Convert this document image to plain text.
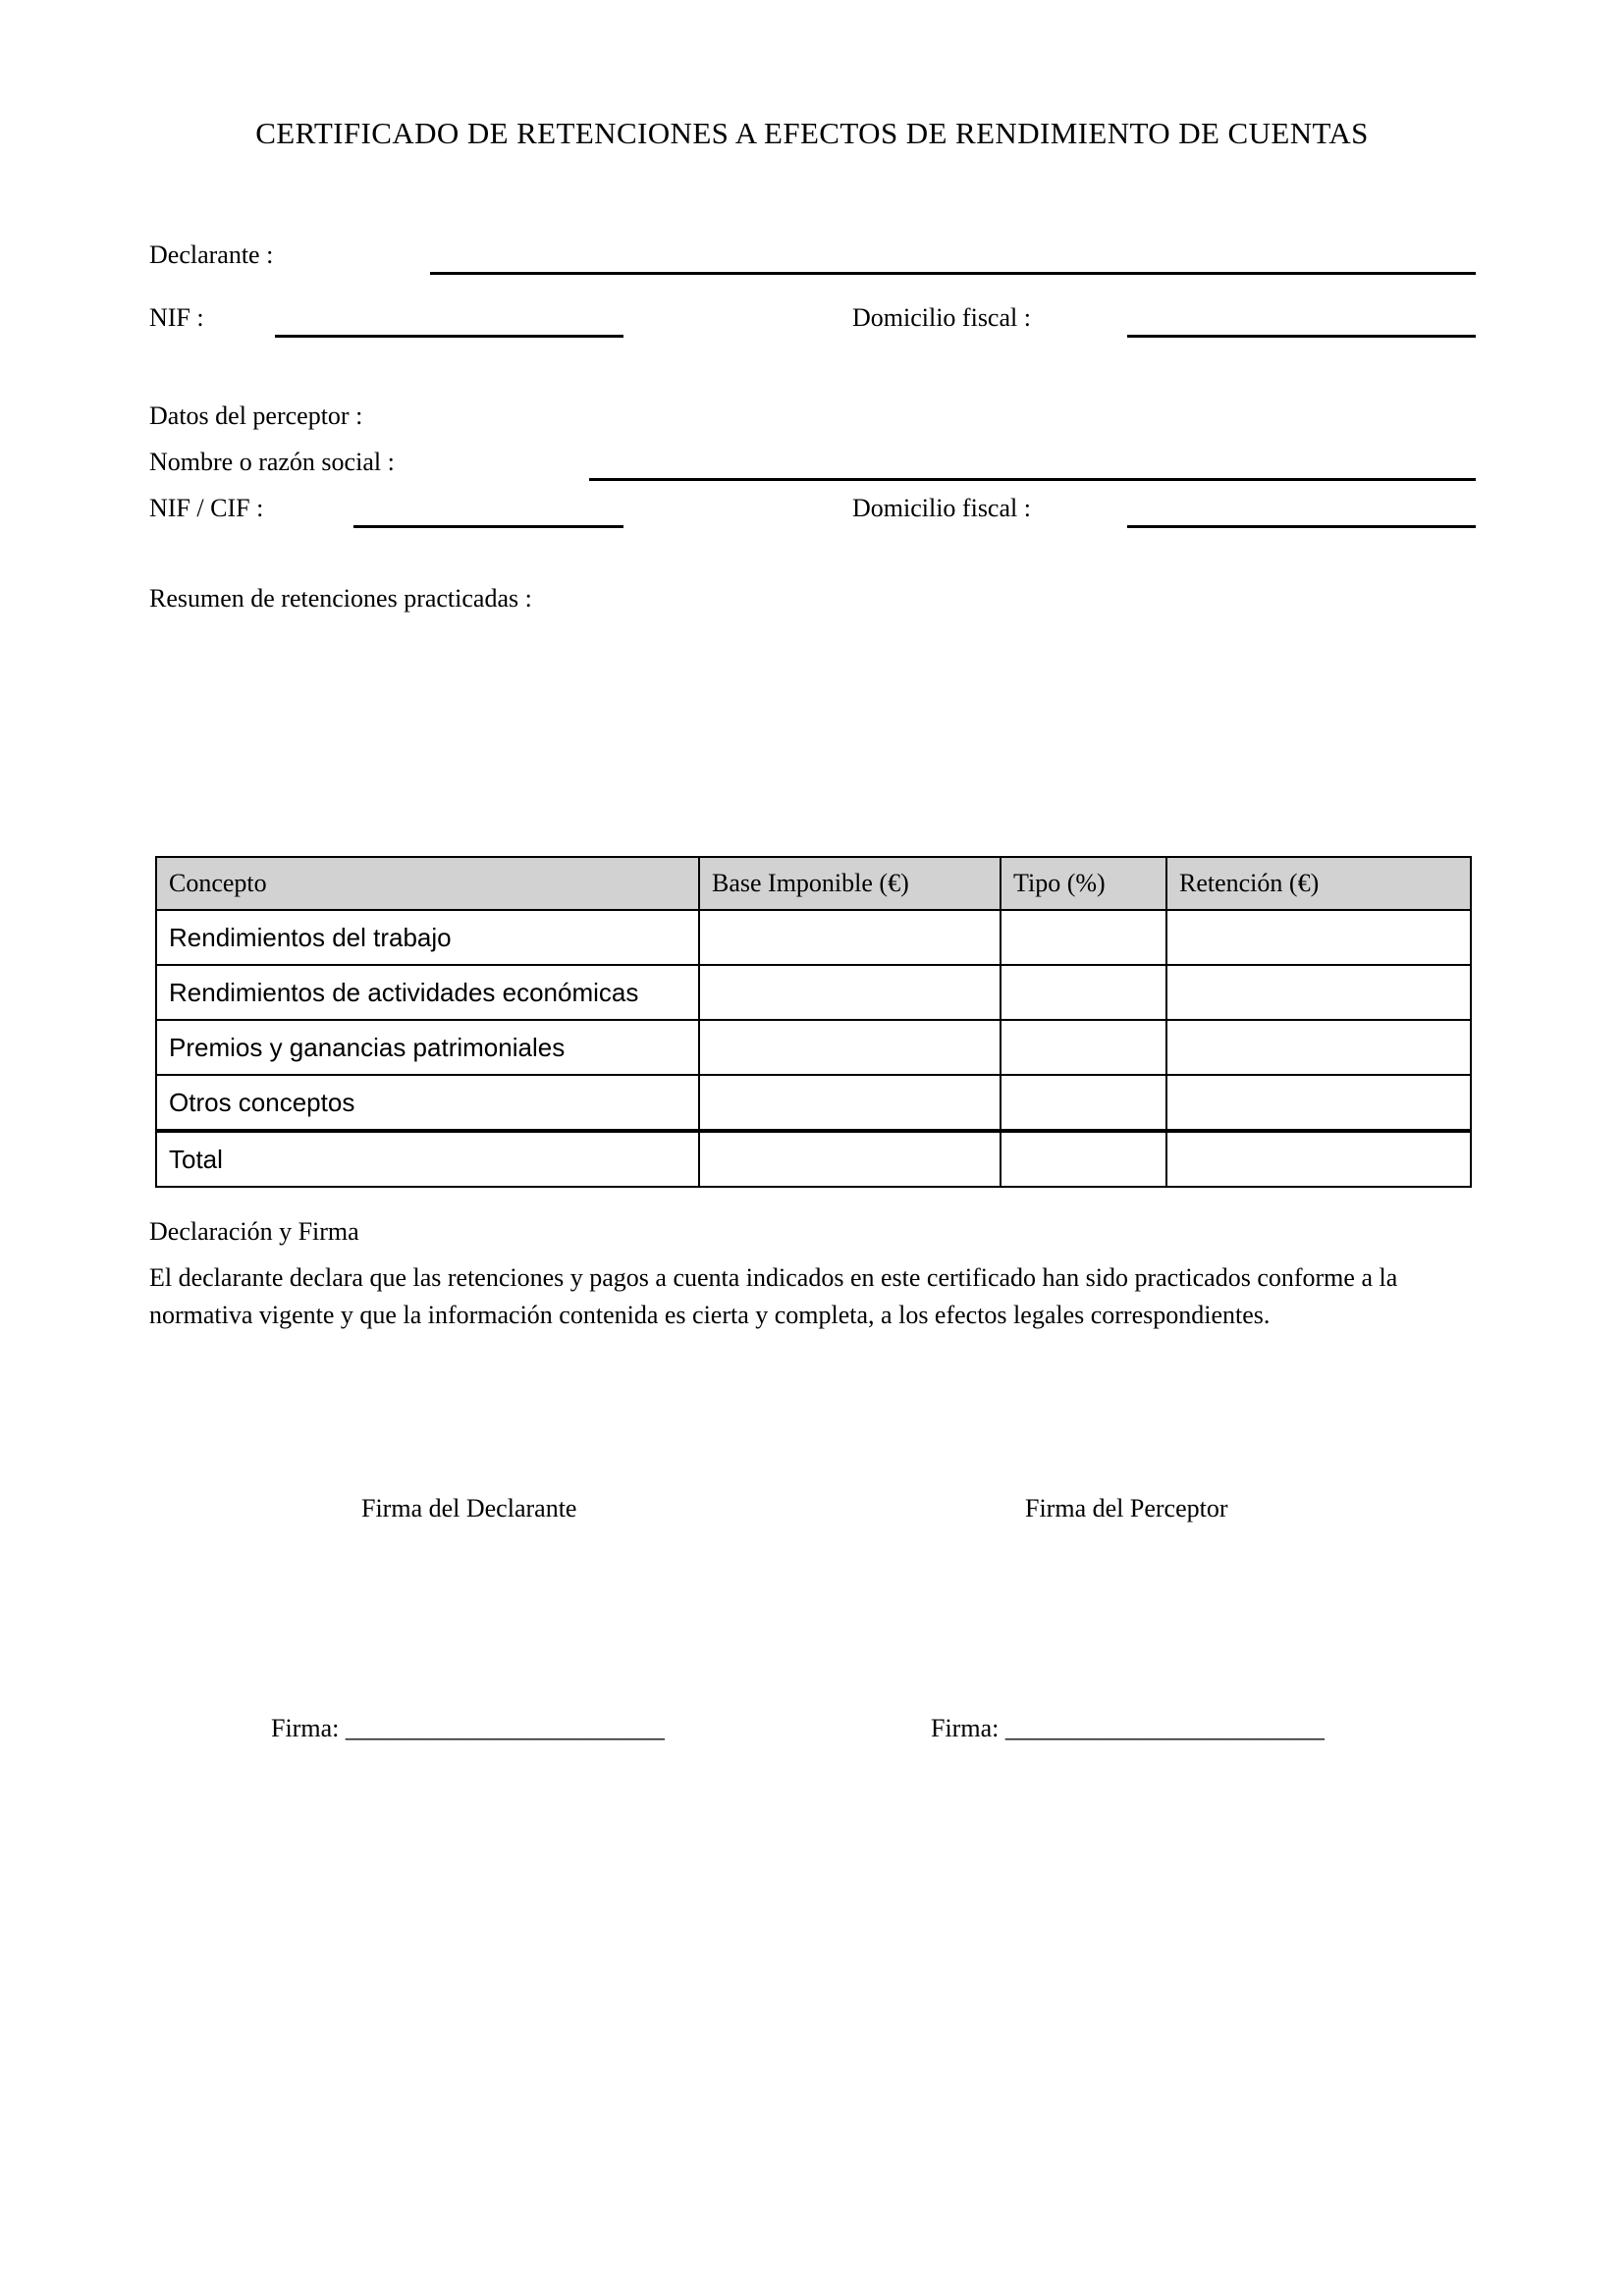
CERTIFICADO DE RETENCIONES A EFECTOS DE RENDIMIENTO DE CUENTAS
Declarante :
NIF :	Domicilio fiscal :
Datos del perceptor :
Nombre o razón social :
NIF / CIF :	Domicilio fiscal :
Resumen de retenciones practicadas :
Concepto	Base Imponible (€)	Tipo (%)	Retención (€)
Rendimientos del trabajo			
Rendimientos de actividades económicas			
Premios y ganancias patrimoniales			
Otros conceptos			
Total			
Declaración y Firma
El declarante declara que las retenciones y pagos a cuenta indicados en este certificado han sido practicados conforme a la normativa vigente y que la información contenida es cierta y completa, a los efectos legales correspondientes.
Firma del Declarante	Firma del Perceptor
Firma: _________________________	Firma: _________________________
